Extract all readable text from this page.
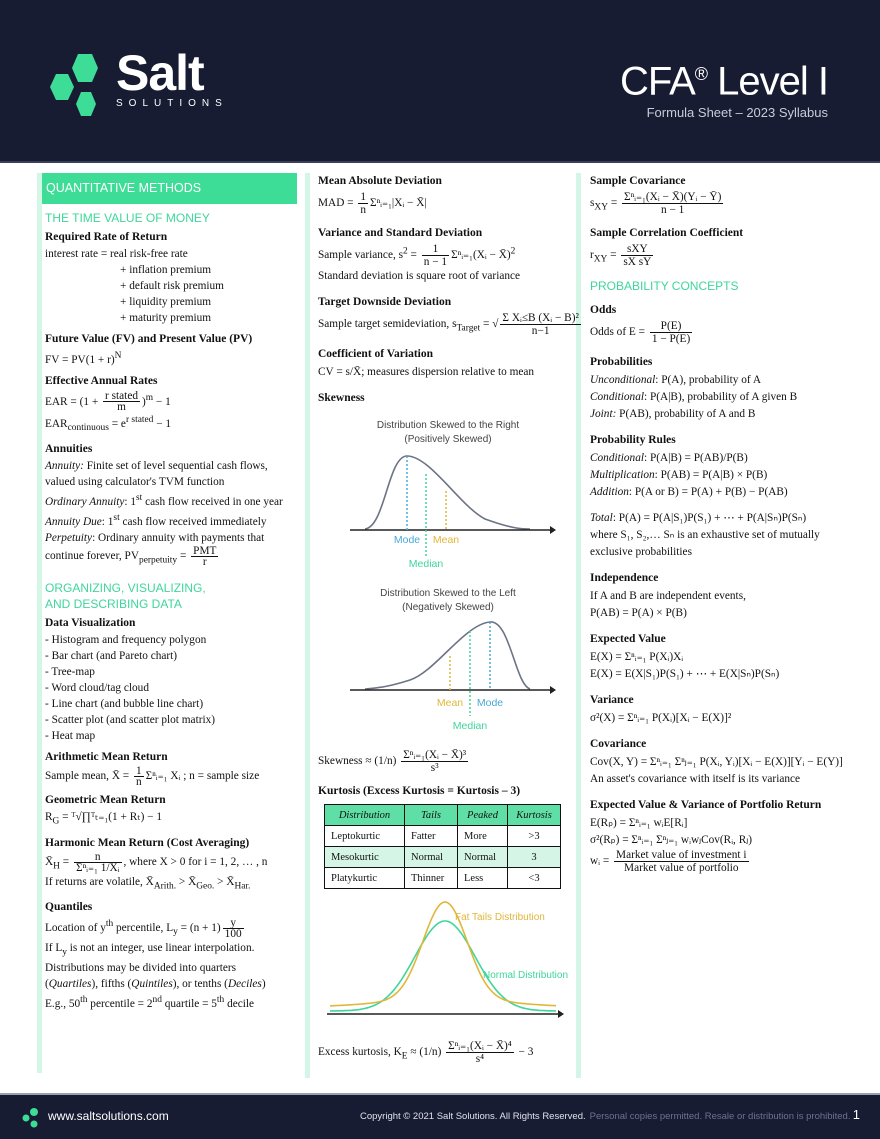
Salt
SOLUTIONS
CFA® Level I
Formula Sheet – 2023 Syllabus
QUANTITATIVE METHODS
THE TIME VALUE OF MONEY
Required Rate of Return
interest rate = real risk-free rate
+ inflation premium
+ default risk premium
+ liquidity premium
+ maturity premium
Future Value (FV) and Present Value (PV)
FV = $PV(1 + r)^N$
Effective Annual Rates
EAR = $(1 + \frac{\text{r stated}}{m} )^m - 1$
$EAR_{continuous} = e^{r stated} - 1$
Annuities
Annuity: Finite set of level sequential cash flows,
valued using calculator's TVM function
Ordinary Annuity: 1st cash flow received in one year
Annuity Due: 1st cash flow received immediately
Perpetuity: Ordinary annuity with payments that
continue forever, $PV_{perpetuity} = \frac{\text{PMT}}{r}$
ORGANIZING, VISUALIZING,
AND DESCRIBING DATA
Data Visualization
- Histogram and frequency polygon
- Bar chart (and Pareto chart)
- Tree-map
- Word cloud/tag cloud
- Line chart (and bubble line chart)
- Scatter plot (and scatter plot matrix)
- Heat map
Arithmetic Mean Return
Sample mean, X̄ = $\frac{1}{n}$ Σⁿᵢ₌₁ Xᵢ ; n = sample size
Geometric Mean Return
$R_G$ = ᵀ√∏ᵀₜ₌₁(1 + Rₜ) − 1
Harmonic Mean Return (Cost Averaging)
$X̄_H = \frac{n}{\text{Σⁿᵢ₌₁ 1/Xᵢ}}$ , where X > 0 for i = 1, 2, … , n
If returns are volatile, $X̄_{Arith.}$ > $X̄_{Geo.}$ > $X̄_{Har.}$
Quantiles
Location of $y^{th}$ percentile, $L_y = (n + 1) \frac{y}{100}$
If $L_y$ is not an integer, use linear interpolation.
Distributions may be divided into quarters
(Quartiles), fifths (Quintiles), or tenths (Deciles)
E.g., 50th percentile = 2nd quartile = 5th decile
Mean Absolute Deviation
MAD = $\frac{1}{n}$ Σⁿᵢ₌₁|Xᵢ − X̄|
Variance and Standard Deviation
Sample variance, $s^2 = \frac{1}{n - 1}$ Σⁿᵢ₌₁(Xᵢ − X̄)$^2$
Standard deviation is square root of variance
Target Downside Deviation
Sample target semideviation, $s_{Target}$ = √ $\frac{\text{Σ Xᵢ≤B (Xᵢ − B)²}}{n-1}$
Coefficient of Variation
CV = s/X̄; measures dispersion relative to mean
Skewness
Distribution Skewed to the Right
(Positively Skewed)
Mode Mean
Median
Distribution Skewed to the Left
(Negatively Skewed)
Mean Mode
Median
Skewness ≈ $(1/n) \frac{\text{Σⁿᵢ₌₁(Xᵢ − X̄)³}}{\text{s³}}$
Kurtosis (Excess Kurtosis = Kurtosis – 3)
Distribution	Tails	Peaked	Kurtosis
Leptokurtic	Fatter	More	>3
Mesokurtic	Normal	Normal	3
Platykurtic	Thinner	Less	<3
Fat Tails Distribution
Normal Distribution
Excess kurtosis, $K_E \approx (1/n) \frac{\text{Σⁿᵢ₌₁(Xᵢ − X̄)⁴}}{\text{s⁴}} - 3$
Sample Covariance
$s_{XY} = \frac{\text{Σⁿᵢ₌₁(Xᵢ − X̄)(Yᵢ − Ȳ)}}{n - 1}$
Sample Correlation Coefficient
$r_{XY} = \frac{\text{sXY}}{\text{sX sY}}$
PROBABILITY CONCEPTS
Odds
Odds of $E = \frac{P(E)}{1 - P(E)}$
Probabilities
Unconditional: P(A), probability of A
Conditional: P(A|B), probability of A given B
Joint: P(AB), probability of A and B
Probability Rules
Conditional: P(A|B) = P(AB)/P(B)
Multiplication: P(AB) = P(A|B) × P(B)
Addition: P(A or B) = P(A) + P(B) − P(AB)
Total: P(A) = P(A|S₁)P(S₁) + ⋯ + P(A|Sₙ)P(Sₙ)
where S₁, S₂,… Sₙ is an exhaustive set of mutually
exclusive probabilities
Independence
If A and B are independent events,
P(AB) = P(A) × P(B)
Expected Value
E(X) = Σⁿᵢ₌₁ P(Xᵢ)Xᵢ
E(X) = E(X|S₁)P(S₁) + ⋯ + E(X|Sₙ)P(Sₙ)
Variance
σ²(X) = Σⁿᵢ₌₁ P(Xᵢ)[Xᵢ − E(X)]²
Covariance
Cov(X, Y) = Σⁿᵢ₌₁ Σⁿⱼ₌₁ P(Xᵢ, Yᵢ)[Xᵢ − E(X)][Yᵢ − E(Y)]
An asset's covariance with itself is its variance
Expected Value & Variance of Portfolio Return
E(Rₚ) = Σⁿᵢ₌₁ wᵢE[Rᵢ]
σ²(Rₚ) = Σⁿᵢ₌₁ Σⁿⱼ₌₁ wᵢwⱼCov(Rᵢ, Rⱼ)
wᵢ = $\frac{\text{Market value of investment i}}{\text{Market value of portfolio}}$
www.saltsolutions.com	Copyright © 2021 Salt Solutions. All Rights Reserved. Personal copies permitted. Resale or distribution is prohibited. 1
